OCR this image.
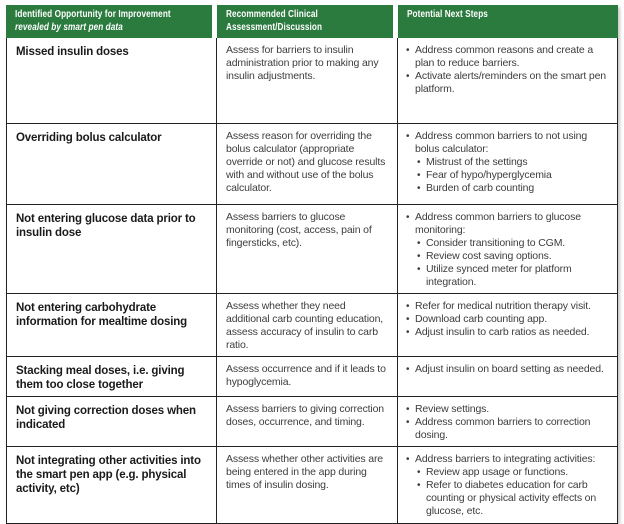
Identified Opportunity for Improvement
revealed by smart pen data
Recommended Clinical
Assessment/Discussion
Potential Next Steps
Missed insulin doses	Assess for barriers to insulin administration prior to making any insulin adjustments.
• Address common reasons and create a plan to reduce barriers.
• Activate alerts/reminders on the smart pen platform.
Overriding bolus calculator	Assess reason for overriding the bolus calculator (appropriate override or not) and glucose results with and without use of the bolus calculator.
• Address common barriers to not using bolus calculator:
• Mistrust of the settings
• Fear of hypo/hyperglycemia
• Burden of carb counting
Not entering glucose data prior to insulin dose
Assess barriers to glucose monitoring (cost, access, pain of fingersticks, etc).
• Address common barriers to glucose monitoring:
• Consider transitioning to CGM.
• Review cost saving options.
• Utilize synced meter for platform integration.
Not entering carbohydrate information for mealtime dosing
Assess whether they need additional carb counting education, assess accuracy of insulin to carb ratio.
• Refer for medical nutrition therapy visit.
• Download carb counting app.
• Adjust insulin to carb ratios as needed.
Stacking meal doses, i.e. giving them too close together
Assess occurrence and if it leads to hypoglycemia.
• Adjust insulin on board setting as needed.
Not giving correction doses when indicated
Assess barriers to giving correction doses, occurrence, and timing.
• Review settings.
• Address common barriers to correction dosing.
Not integrating other activities into the smart pen app (e.g. physical activity, etc)
Assess whether other activities are being entered in the app during times of insulin dosing.
• Address barriers to integrating activities:
• Review app usage or functions.
• Refer to diabetes education for carb counting or physical activity effects on glucose, etc.
